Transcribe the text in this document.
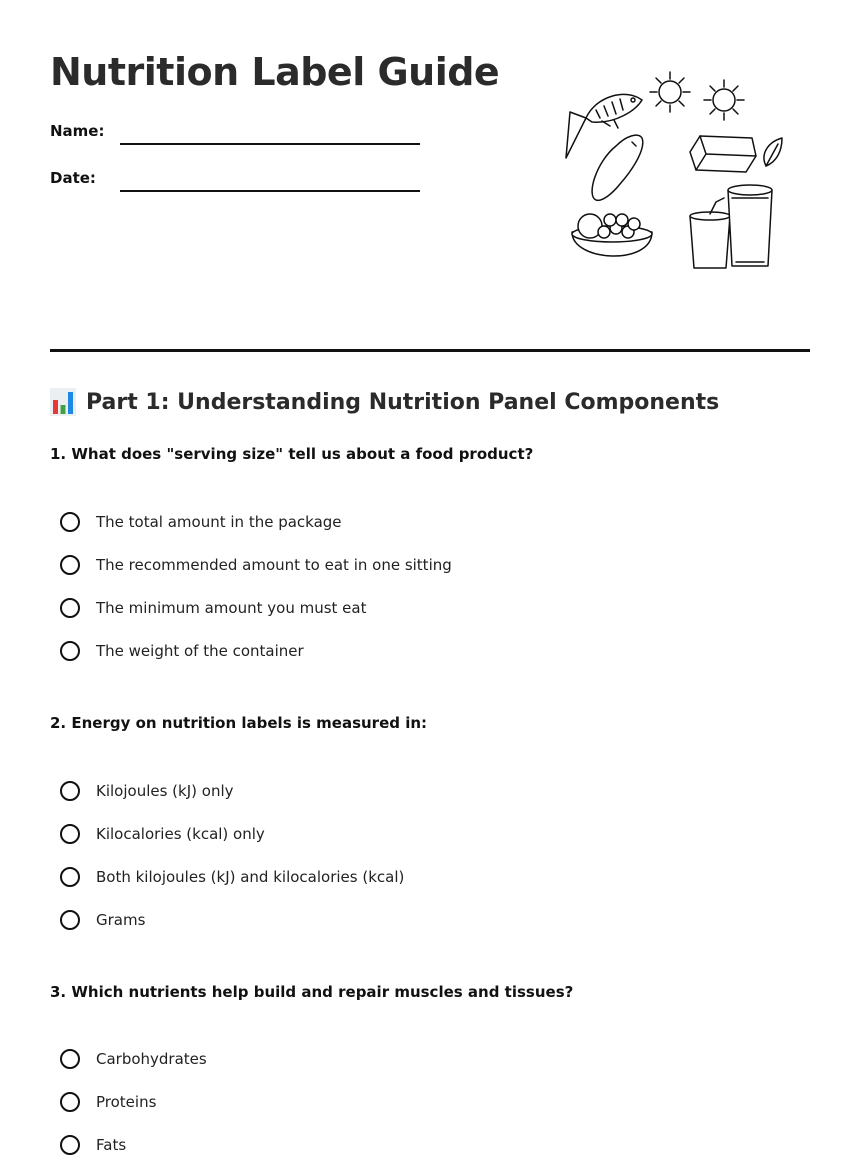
Nutrition Label Guide
Name:
Date:
Part 1: Understanding Nutrition Panel Components
1. What does "serving size" tell us about a food product?
The total amount in the package
The recommended amount to eat in one sitting
The minimum amount you must eat
The weight of the container
2. Energy on nutrition labels is measured in:
Kilojoules (kJ) only
Kilocalories (kcal) only
Both kilojoules (kJ) and kilocalories (kcal)
Grams
3. Which nutrients help build and repair muscles and tissues?
Carbohydrates
Proteins
Fats
